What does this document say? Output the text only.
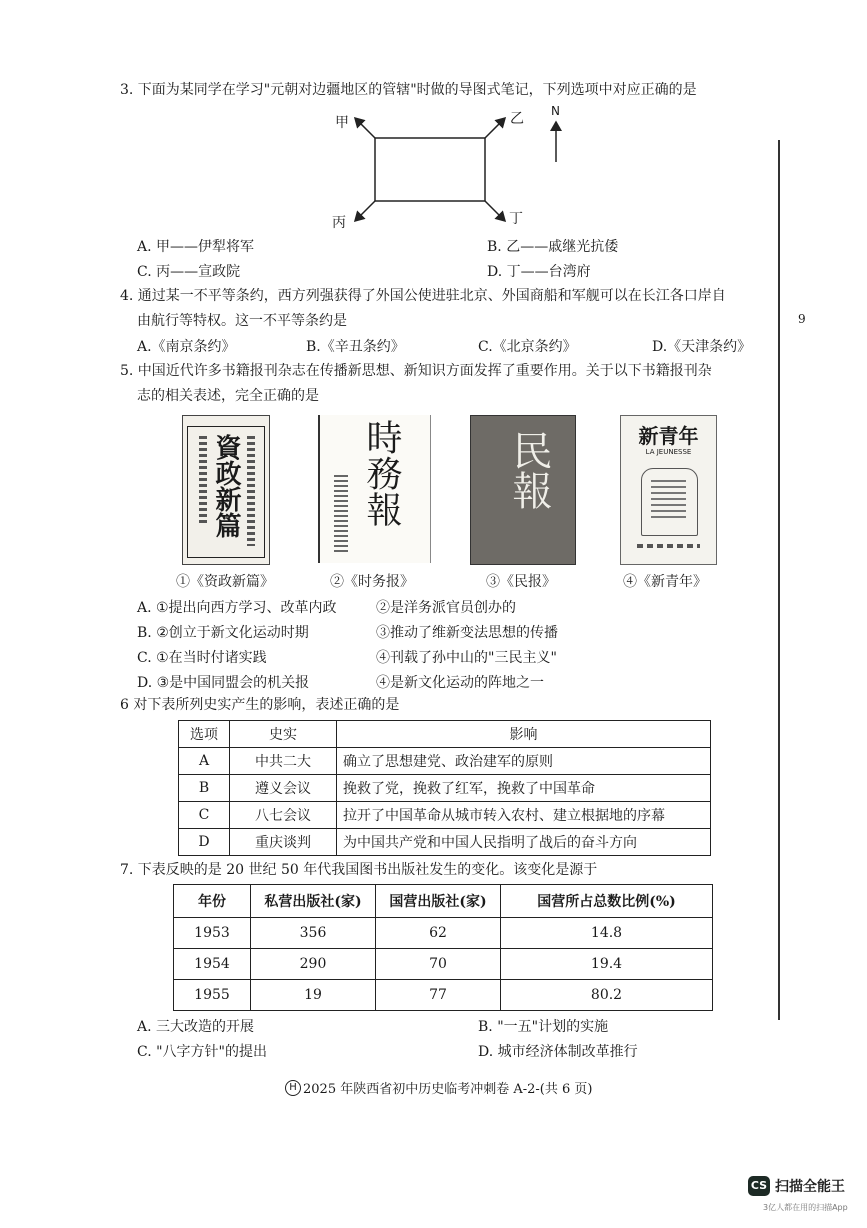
9
3. 下面为某同学在学习"元朝对边疆地区的管辖"时做的导图式笔记，下列选项中对应正确的是
甲	乙
丙	丁
N
A. 甲——伊犁将军	B. 乙——戚继光抗倭
C. 丙——宣政院	D. 丁——台湾府
4. 通过某一不平等条约，西方列强获得了外国公使进驻北京、外国商船和军舰可以在长江各口岸自
由航行等特权。这一不平等条约是
A.《南京条约》	B.《辛丑条约》	C.《北京条约》	D.《天津条约》
5. 中国近代许多书籍报刊杂志在传播新思想、新知识方面发挥了重要作用。关于以下书籍报刊杂
志的相关表述，完全正确的是
資政新篇	時務報	民報	新青年
LA JEUNESSE
①《资政新篇》	②《时务报》	③《民报》	④《新青年》
A. ①提出向西方学习、改革内政	②是洋务派官员创办的
B. ②创立于新文化运动时期	③推动了维新变法思想的传播
C. ①在当时付诸实践	④刊载了孙中山的"三民主义"
D. ③是中国同盟会的机关报	④是新文化运动的阵地之一
6 对下表所列史实产生的影响，表述正确的是
选项	史实	影响
A	中共二大	确立了思想建党、政治建军的原则
B	遵义会议	挽救了党，挽救了红军，挽救了中国革命
C	八七会议	拉开了中国革命从城市转入农村、建立根据地的序幕
D	重庆谈判	为中国共产党和中国人民指明了战后的奋斗方向
7. 下表反映的是 20 世纪 50 年代我国图书出版社发生的变化。该变化是源于
年份	私营出版社(家)	国营出版社(家)	国营所占总数比例(%)
1953	356	62	14.8
1954	290	70	19.4
1955	19	77	80.2
A. 三大改造的开展	B. "一五"计划的实施
C. "八字方针"的提出	D. 城市经济体制改革推行
H 2025 年陕西省初中历史临考冲刺卷 A-2-(共 6 页)
CS 扫描全能王
3亿人都在用的扫描App
